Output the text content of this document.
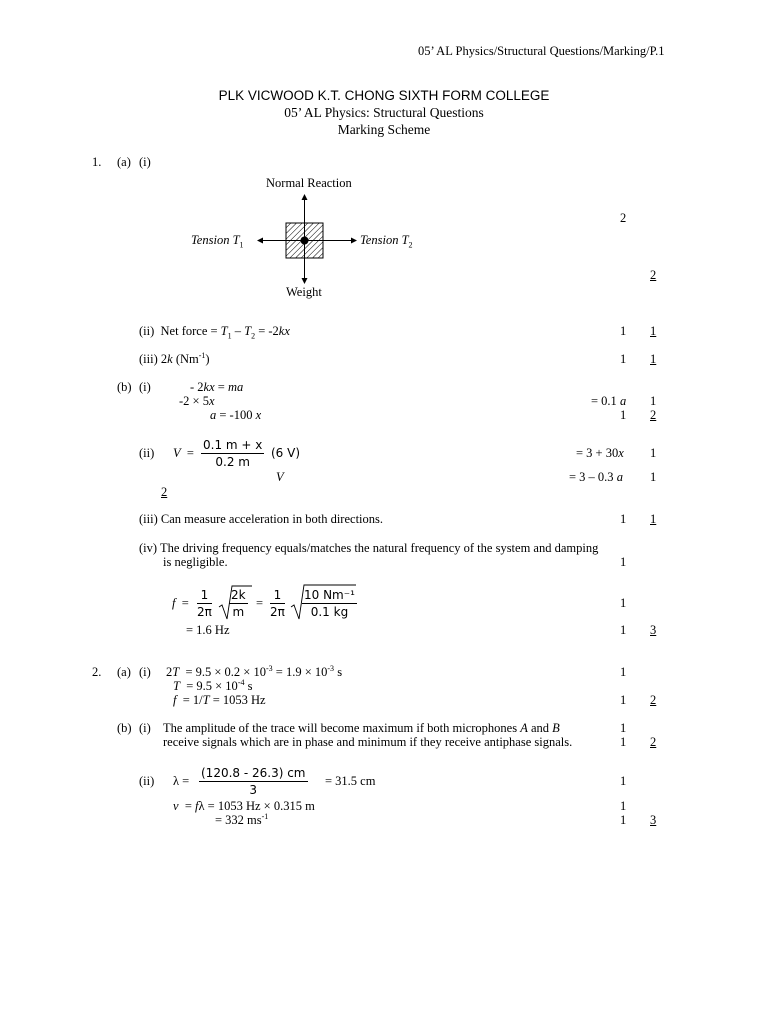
05’ AL Physics/Structural Questions/Marking/P.1
PLK VICWOOD K.T. CHONG SIXTH FORM COLLEGE
05’ AL Physics: Structural Questions
Marking Scheme
1. (a) (i)
Normal Reaction
Tension $T_1$	Tension $T_2$
Weight
2
2
(ii)  Net force = $T_1 - T_2 = -2kx$	1 1
(iii) 2k $(Nm^{-1})$	1 1
(b) (i)	- 2kx = ma
-2 × 5x	= 0.1 a 1
a = -100 x	1 2
(ii) $V = \frac{0.1 m + x}{0.2 m} (6$ V)	= 3 + 30x 1
V	= 3 – 0.3 a 1
2
(iii) Can measure acceleration in both directions.	1 1
(iv) The driving frequency equals/matches the natural frequency of the system and damping
is negligible.	1
$f = \frac{1}{2\pi} \frac{2k}{m} = \frac{1}{2\pi} \frac{\text{10 Nm⁻¹}}{0.1 kg}$	1
= 1.6 Hz	1 3
2. (a) (i) $2T = 9.5 \times 0.2 \times 10^{-3} = 1.9 \times 10^{-3}$ s	1
$T = 9.5 \times 10^{-4}$ s
f  = 1/T = 1053 Hz	1 2
(b) (i) The amplitude of the trace will become maximum if both microphones A and B	1
receive signals which are in phase and minimum if they receive antiphase signals.	1 2
(ii) $\lambda = \frac{(120.8 - 26.3) cm}{3} = 31.5$ cm	1
v  = fλ = 1053 Hz × 0.315 m	1
= 332 $ms^{-1}$	1 3
